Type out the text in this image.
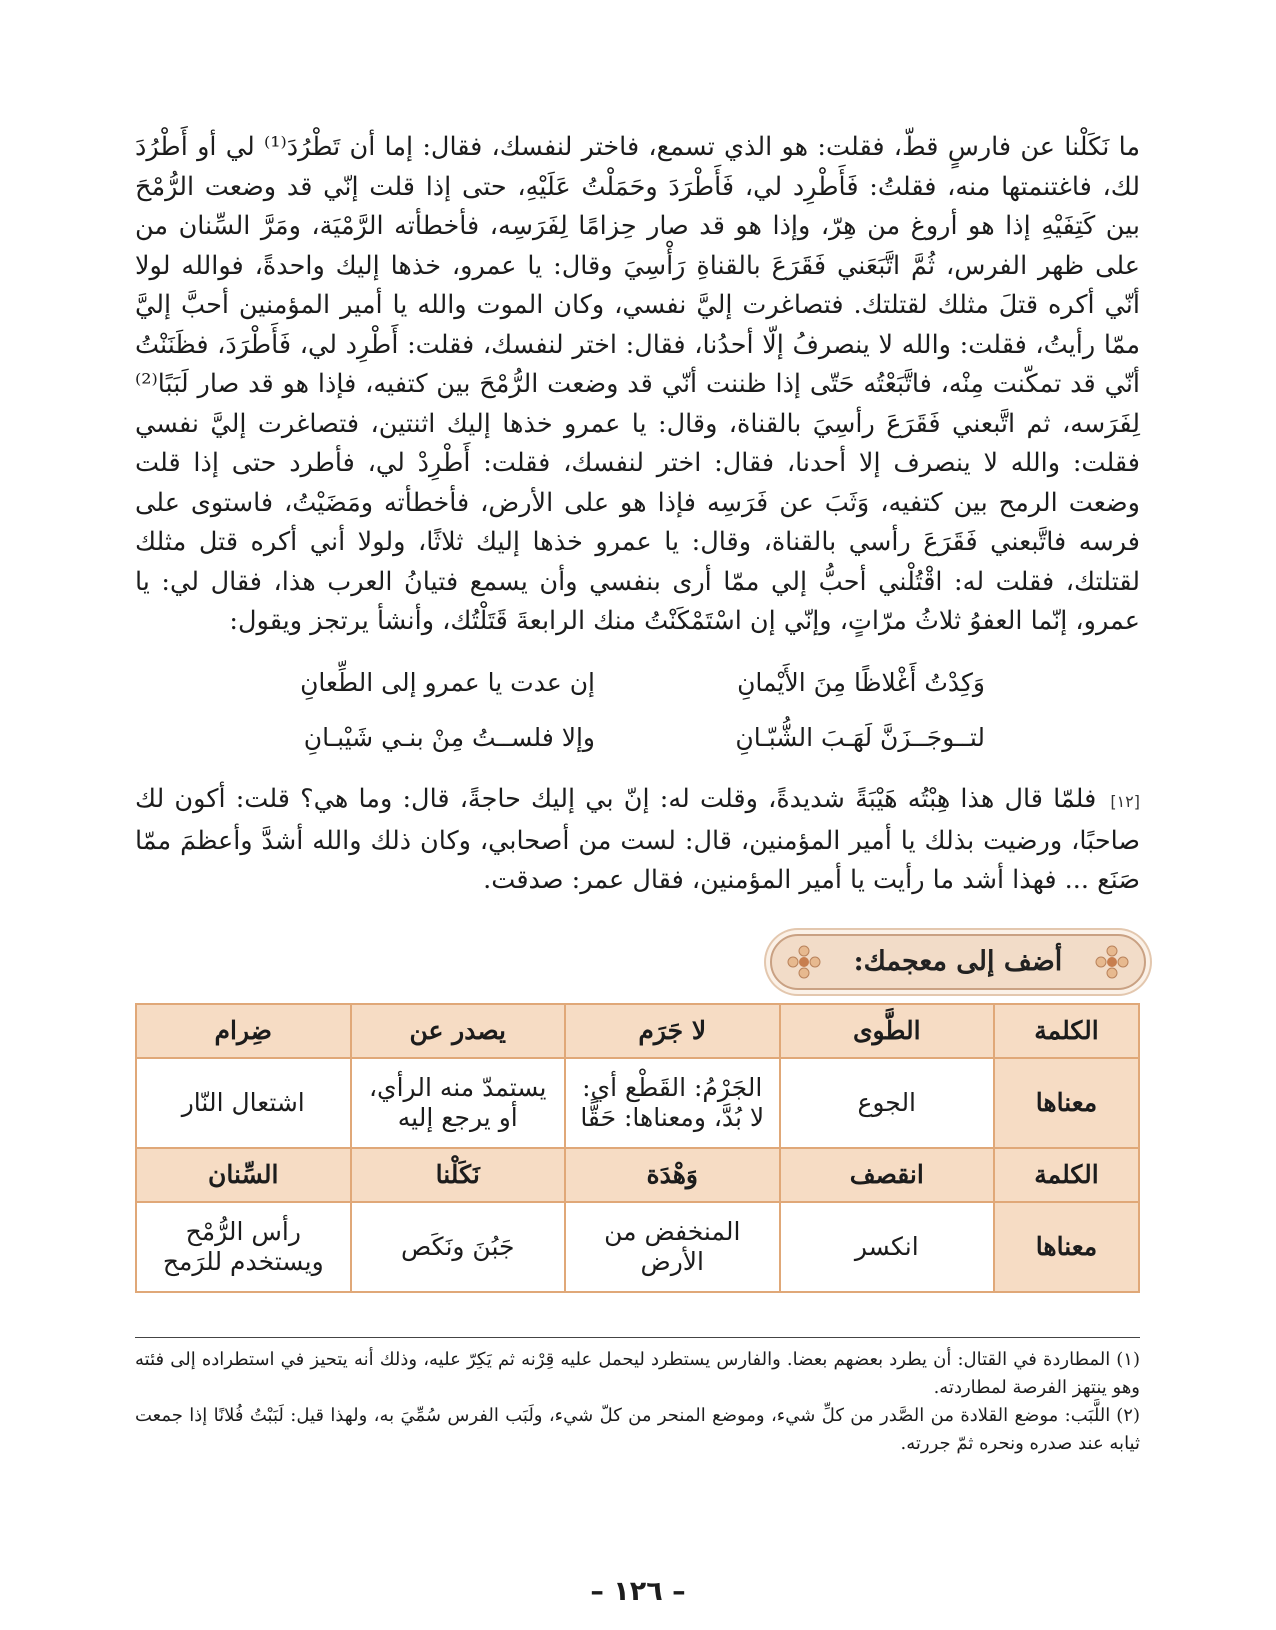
ما نَكَلْنا عن فارسٍ قطّ، فقلت: هو الذي تسمع، فاختر لنفسك، فقال: إما أن تَطْرُدَ⁽¹⁾ لي أو أَطْرُدَ لك، فاغتنمتها منه، فقلتُ: فَأَطْرِد لي، فَأَطْرَدَ وحَمَلْتُ عَلَيْهِ، حتى إذا قلت إنّي قد وضعت الرُّمْحَ بين كَتِفَيْهِ إذا هو أروغ من هِرّ، وإذا هو قد صار حِزامًا لِفَرَسِه، فأخطأته الرَّمْيَة، ومَرَّ السِّنان من على ظهر الفرس، ثُمَّ اتَّبَعَني فَقَرَعَ بالقناةِ رَأْسِيَ وقال: يا عمرو، خذها إليك واحدةً، فوالله لولا أنّي أكره قتلَ مثلك لقتلتك. فتصاغرت إليَّ نفسي، وكان الموت والله يا أمير المؤمنين أحبَّ إليَّ ممّا رأيتُ، فقلت: والله لا ينصرفُ إلّا أحدُنا، فقال: اختر لنفسك، فقلت: أَطْرِد لي، فَأَطْرَدَ، فظَنَنْتُ أنّي قد تمكّنت مِنْه، فاتَّبَعْتُه حَتّى إذا ظننت أنّي قد وضعت الرُّمْحَ بين كتفيه، فإذا هو قد صار لَبَبًا⁽²⁾ لِفَرَسه، ثم اتَّبعني فَقَرَعَ رأسِيَ بالقناة، وقال: يا عمرو خذها إليك اثنتين، فتصاغرت إليَّ نفسي فقلت: والله لا ينصرف إلا أحدنا، فقال: اختر لنفسك، فقلت: أَطْرِدْ لي، فأطرد حتى إذا قلت وضعت الرمح بين كتفيه، وَثَبَ عن فَرَسِه فإذا هو على الأرض، فأخطأته ومَضَيْتُ، فاستوى على فرسه فاتَّبعني فَقَرَعَ رأسي بالقناة، وقال: يا عمرو خذها إليك ثلاثًا، ولولا أني أكره قتل مثلك لقتلتك، فقلت له: اقْتُلْني أحبُّ إلي ممّا أرى بنفسي وأن يسمع فتيانُ العرب هذا، فقال لي: يا عمرو، إنّما العفوُ ثلاثُ مرّاتٍ، وإنّي إن اسْتَمْكَنْتُ منك الرابعةَ قَتَلْتُك، وأنشأ يرتجز ويقول:

وَكِدْتُ أَغْلاظًا مِنَ الأَيْمانِ
إن عدت يا عمرو إلى الطِّعانِ
لتــوجَــزَنَّ لَهَـبَ الشُّبّـانِ
وإلا فلســتُ مِنْ بنـي شَيْبـانِ

[١٢]فلمّا قال هذا هِبْتُه هَيْبَةً شديدةً، وقلت له: إنّ بي إليك حاجةً، قال: وما هي؟ قلت: أكون لك صاحبًا، ورضيت بذلك يا أمير المؤمنين، قال: لست من أصحابي، وكان ذلك والله أشدَّ وأعظمَ ممّا صَنَع ... فهذا أشد ما رأيت يا أمير المؤمنين، فقال عمر: صدقت.

أضف إلى معجمك:
الكلمة	الطَّوى	لا جَرَم	يصدر عن	ضِرام
معناها	الجوع	الجَرْمُ: القَطْع أي: لا بُدَّ، ومعناها: حَقًّا	يستمدّ منه الرأي، أو يرجع إليه	اشتعال النّار
الكلمة	انقصف	وَهْدَة	نَكَلْنا	السِّنان
معناها	انكسر	المنخفض من الأرض	جَبُنَ ونَكَص	رأس الرُّمْح ويستخدم للرَمح

(١)المطاردة في القتال: أن يطرد بعضهم بعضا. والفارس يستطرد ليحمل عليه قِرْنه ثم يَكِرّ عليه، وذلك أنه يتحيز في استطراده إلى فئته وهو ينتهز الفرصة لمطاردته.

(٢)اللَّبَب: موضع القلادة من الصَّدر من كلِّ شيء، وموضع المنحر من كلّ شيء، ولَبَب الفرس سُمِّيَ به، ولهذا قيل: لَبَبْتُ فُلانًا إذا جمعت ثيابه عند صدره ونحره ثمّ جررته.

– ١٢٦ –
